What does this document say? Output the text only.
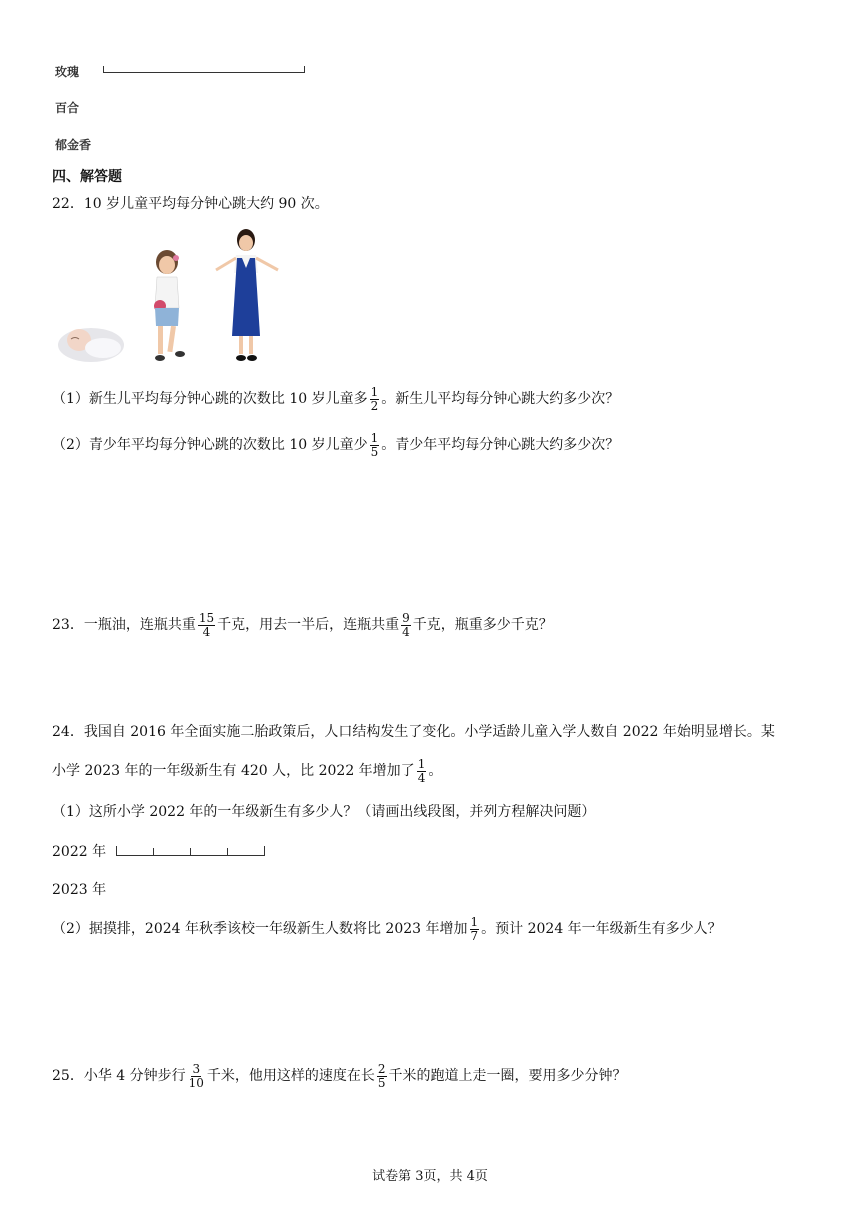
玫瑰
百合
郁金香
四、解答题
22．10 岁儿童平均每分钟心跳大约 90 次。
（1）新生儿平均每分钟心跳的次数比 10 岁儿童多 $\frac{1}{2}$ 。新生儿平均每分钟心跳大约多少次？
（2）青少年平均每分钟心跳的次数比 10 岁儿童少 $\frac{1}{5}$ 。青少年平均每分钟心跳大约多少次？
23．一瓶油，连瓶共重 $\frac{15}{4}$ 千克，用去一半后，连瓶共重 $\frac{9}{4}$ 千克，瓶重多少千克？
24．我国自 2016 年全面实施二胎政策后，人口结构发生了变化。小学适龄儿童入学人数自 2022 年始明显增长。某
小学 2023 年的一年级新生有 420 人，比 2022 年增加了 $\frac{1}{4}$ 。
（1）这所小学 2022 年的一年级新生有多少人？（请画出线段图，并列方程解决问题）
2022 年
2023 年
（2）据摸排，2024 年秋季该校一年级新生人数将比 2023 年增加 $\frac{1}{7}$ 。预计 2024 年一年级新生有多少人？
25．小华 4 分钟步行 $\frac{3}{10}$ 千米，他用这样的速度在长 $\frac{2}{5}$ 千米的跑道上走一圈，要用多少分钟？
试卷第 3页，共 4页
